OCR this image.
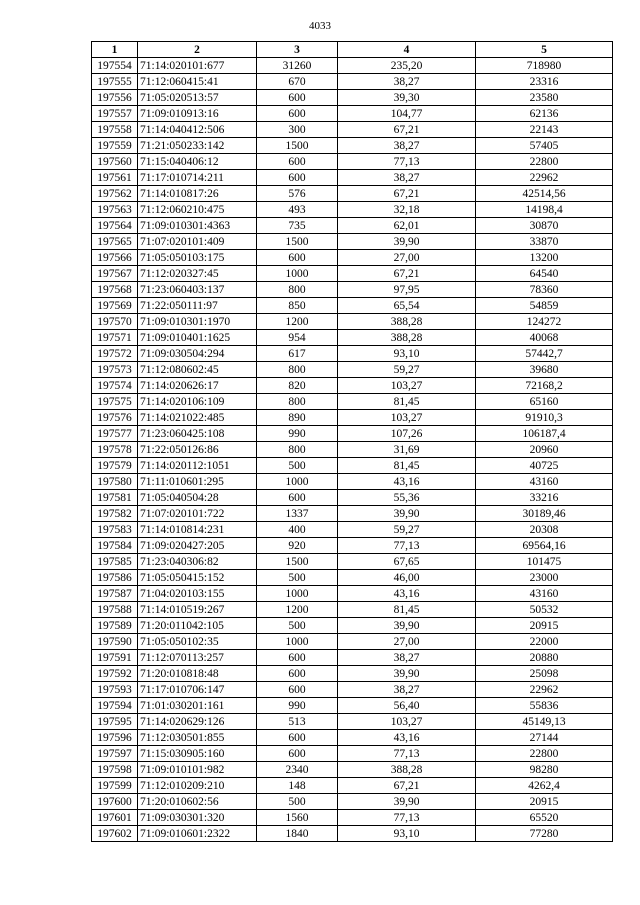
4033
1	2	3	4	5
197554	71:14:020101:677	31260	235,20	718980
197555	71:12:060415:41	670	38,27	23316
197556	71:05:020513:57	600	39,30	23580
197557	71:09:010913:16	600	104,77	62136
197558	71:14:040412:506	300	67,21	22143
197559	71:21:050233:142	1500	38,27	57405
197560	71:15:040406:12	600	77,13	22800
197561	71:17:010714:211	600	38,27	22962
197562	71:14:010817:26	576	67,21	42514,56
197563	71:12:060210:475	493	32,18	14198,4
197564	71:09:010301:4363	735	62,01	30870
197565	71:07:020101:409	1500	39,90	33870
197566	71:05:050103:175	600	27,00	13200
197567	71:12:020327:45	1000	67,21	64540
197568	71:23:060403:137	800	97,95	78360
197569	71:22:050111:97	850	65,54	54859
197570	71:09:010301:1970	1200	388,28	124272
197571	71:09:010401:1625	954	388,28	40068
197572	71:09:030504:294	617	93,10	57442,7
197573	71:12:080602:45	800	59,27	39680
197574	71:14:020626:17	820	103,27	72168,2
197575	71:14:020106:109	800	81,45	65160
197576	71:14:021022:485	890	103,27	91910,3
197577	71:23:060425:108	990	107,26	106187,4
197578	71:22:050126:86	800	31,69	20960
197579	71:14:020112:1051	500	81,45	40725
197580	71:11:010601:295	1000	43,16	43160
197581	71:05:040504:28	600	55,36	33216
197582	71:07:020101:722	1337	39,90	30189,46
197583	71:14:010814:231	400	59,27	20308
197584	71:09:020427:205	920	77,13	69564,16
197585	71:23:040306:82	1500	67,65	101475
197586	71:05:050415:152	500	46,00	23000
197587	71:04:020103:155	1000	43,16	43160
197588	71:14:010519:267	1200	81,45	50532
197589	71:20:011042:105	500	39,90	20915
197590	71:05:050102:35	1000	27,00	22000
197591	71:12:070113:257	600	38,27	20880
197592	71:20:010818:48	600	39,90	25098
197593	71:17:010706:147	600	38,27	22962
197594	71:01:030201:161	990	56,40	55836
197595	71:14:020629:126	513	103,27	45149,13
197596	71:12:030501:855	600	43,16	27144
197597	71:15:030905:160	600	77,13	22800
197598	71:09:010101:982	2340	388,28	98280
197599	71:12:010209:210	148	67,21	4262,4
197600	71:20:010602:56	500	39,90	20915
197601	71:09:030301:320	1560	77,13	65520
197602	71:09:010601:2322	1840	93,10	77280
